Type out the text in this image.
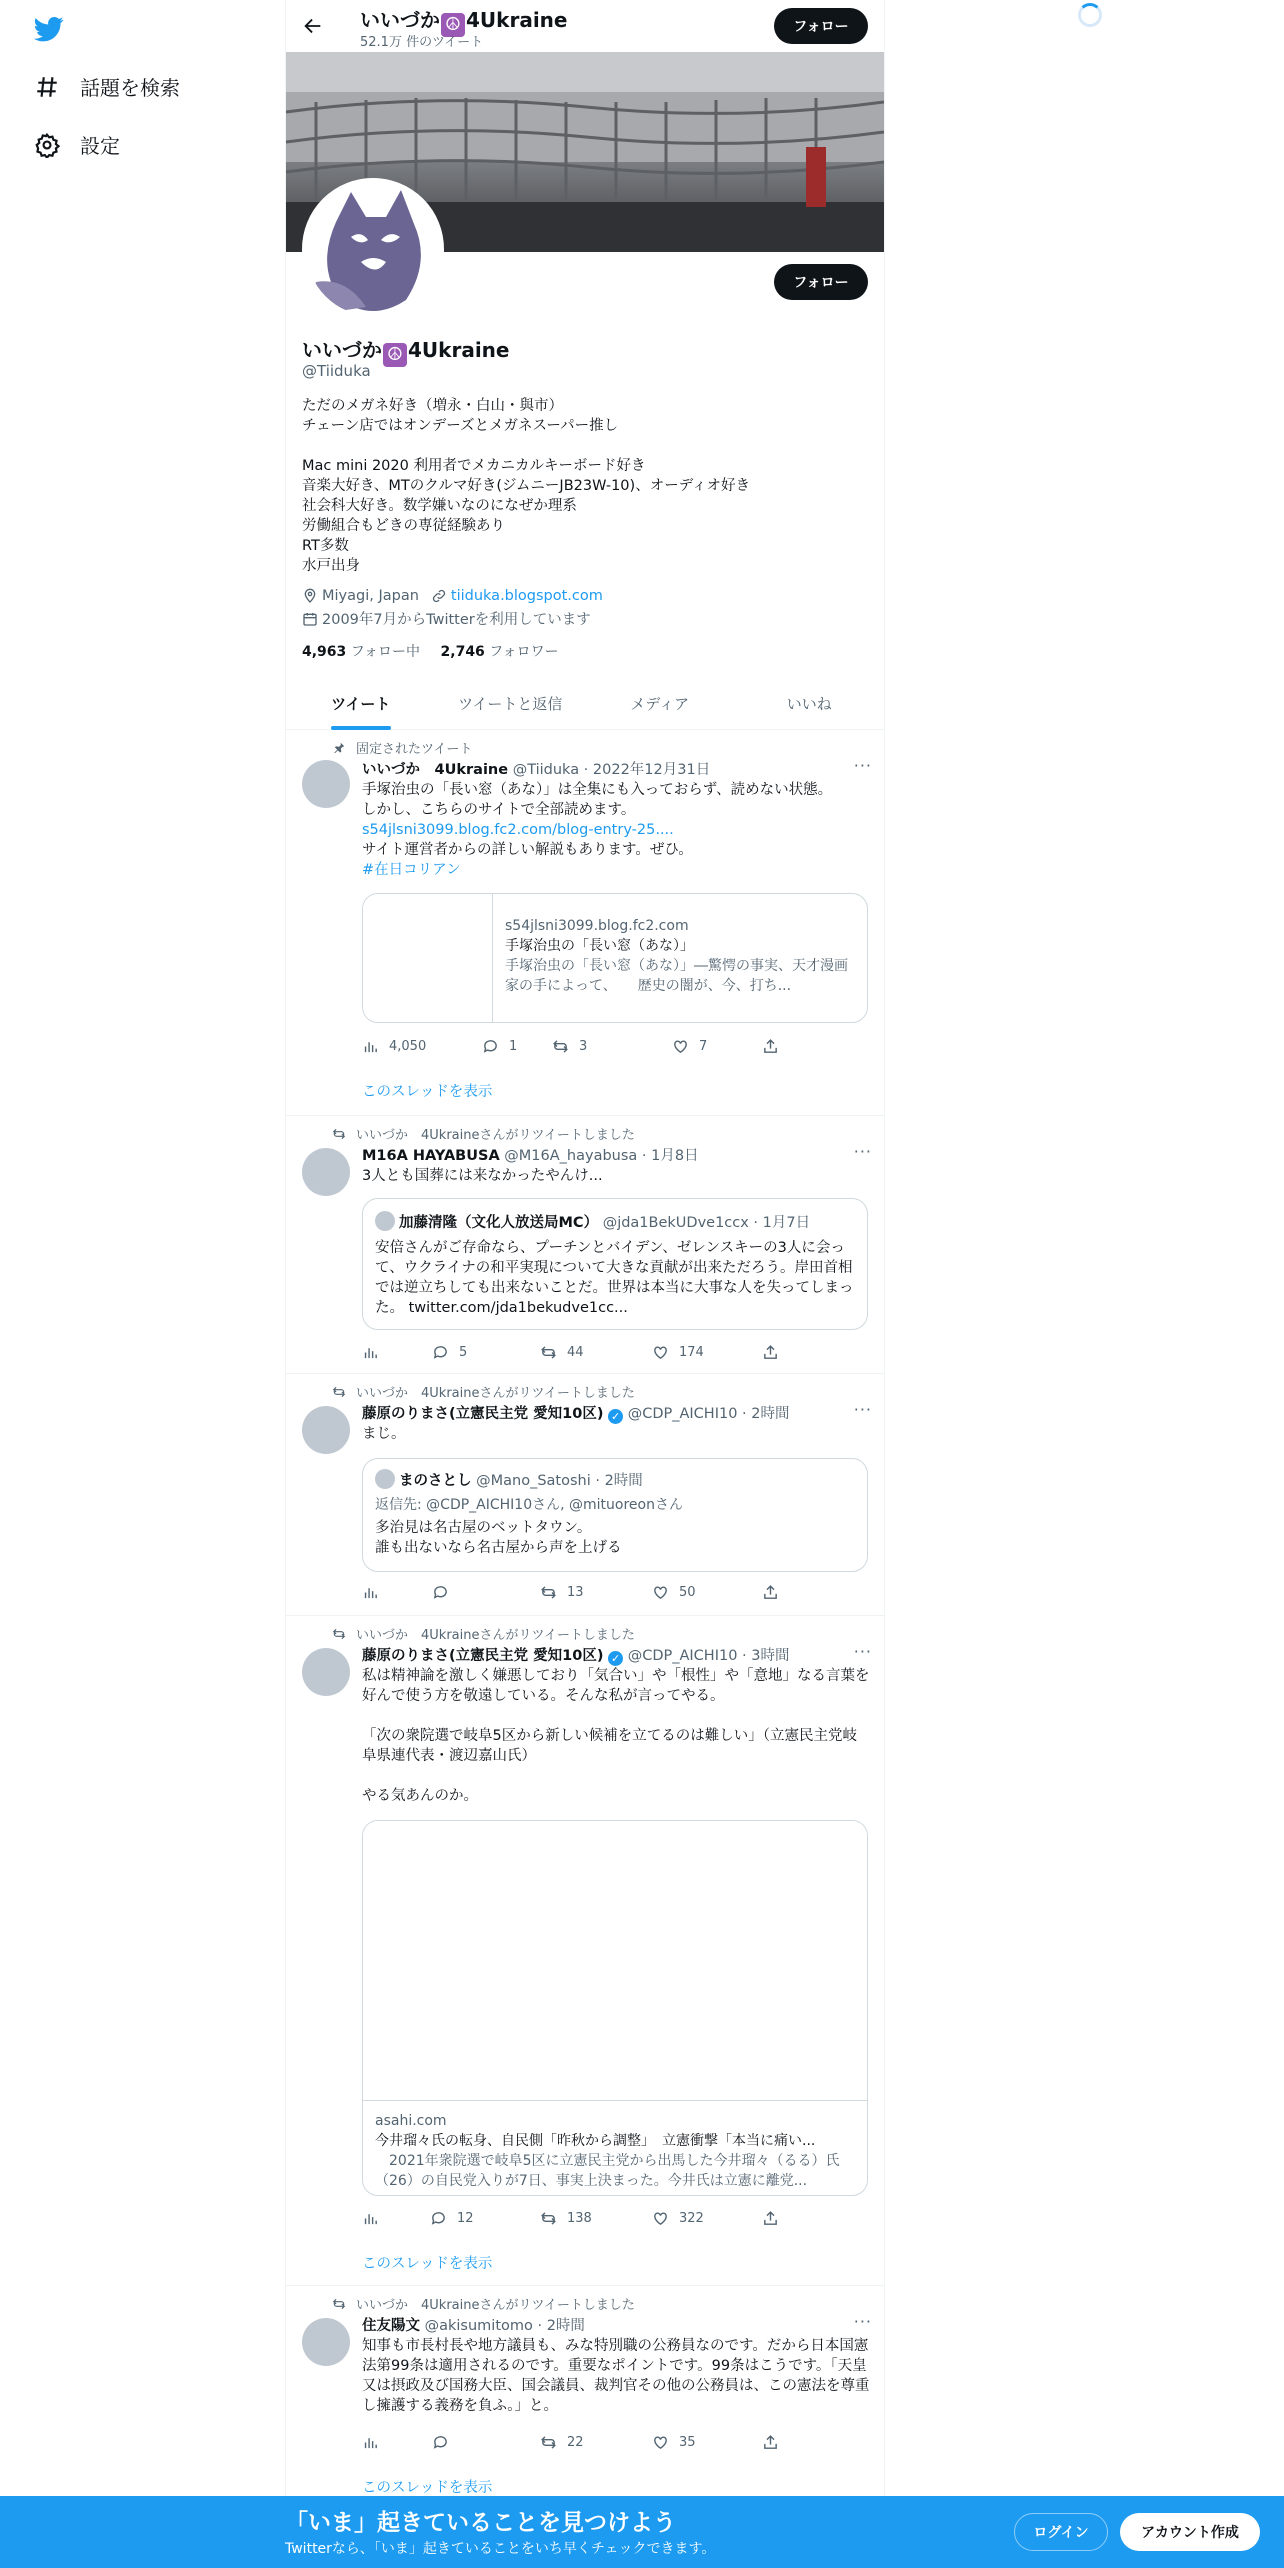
話題を検索
設定
いいづか ☮ 4Ukraine
52.1万 件のツイート
フォロー
フォロー
いいづか ☮ 4Ukraine
@Tiiduka
ただのメガネ好き（増永・白山・與市）
チェーン店ではオンデーズとメガネスーパー推し

Mac mini 2020 利用者でメカニカルキーボード好き
音楽大好き、MTのクルマ好き(ジムニーJB23W-10)、オーディオ好き
社会科大好き。数学嫌いなのになぜか理系
労働組合もどきの専従経験あり
RT多数
水戸出身
Miyagi, Japan tiiduka.blogspot.com
2009年7月からTwitterを利用しています
4,963 フォロー中 2,746 フォロワー
ツイート	ツイートと返信	メディア	いいね
固定されたツイート
いいづか　4Ukraine @Tiiduka · 2022年12月31日	···
手塚治虫の「長い窓（あな）」は全集にも入っておらず、読めない状態。
しかし、こちらのサイトで全部読めます。
s54jlsni3099.blog.fc2.com/blog-entry-25....
サイト運営者からの詳しい解説もあります。ぜひ。
#在日コリアン
s54jlsni3099.blog.fc2.com
手塚治虫の「長い窓（あな）」
手塚治虫の「長い窓（あな）」―驚愕の事実、天才漫画家の手によって、　　歴史の闇が、今、打ち...
4,050	1	3	7
このスレッドを表示
いいづか　4Ukraineさんがリツイートしました
M16A HAYABUSA @M16A_hayabusa · 1月8日	···
3人とも国葬には来なかったやんけ...
加藤清隆（文化人放送局MC） @jda1BekUDve1ccx · 1月7日
安倍さんがご存命なら、プーチンとバイデン、ゼレンスキーの3人に会って、ウクライナの和平実現について大きな貢献が出来ただろう。岸田首相では逆立ちしても出来ないことだ。世界は本当に大事な人を失ってしまった。 twitter.com/jda1bekudve1cc...
5	44	174
いいづか　4Ukraineさんがリツイートしました
藤原のりまさ(立憲民主党 愛知10区) ✓ @CDP_AICHI10 · 2時間	···
まじ。
まのさとし @Mano_Satoshi · 2時間
返信先: @CDP_AICHI10さん, @mituoreonさん
多治見は名古屋のベットタウン。
誰も出ないなら名古屋から声を上げる
13	50
いいづか　4Ukraineさんがリツイートしました
藤原のりまさ(立憲民主党 愛知10区) ✓ @CDP_AICHI10 · 3時間	···
私は精神論を激しく嫌悪しており「気合い」や「根性」や「意地」なる言葉を好んで使う方を敬遠している。そんな私が言ってやる。

「次の衆院選で岐阜5区から新しい候補を立てるのは難しい」（立憲民主党岐阜県連代表・渡辺嘉山氏）

やる気あんのか。
asahi.com
今井瑠々氏の転身、自民側「昨秋から調整」　立憲衝撃「本当に痛い...
　2021年衆院選で岐阜5区に立憲民主党から出馬した今井瑠々（るる）氏（26）の自民党入りが7日、事実上決まった。今井氏は立憲に離党...
12	138	322
このスレッドを表示
いいづか　4Ukraineさんがリツイートしました
住友陽文 @akisumitomo · 2時間	···
知事も市長村長や地方議員も、みな特別職の公務員なのです。だから日本国憲法第99条は適用されるのです。重要なポイントです。99条はこうです。「天皇又は摂政及び国務大臣、国会議員、裁判官その他の公務員は、この憲法を尊重し擁護する義務を負ふ。」と。
22	35
このスレッドを表示
「いま」起きていることを見つけよう
Twitterなら、「いま」起きていることをいち早くチェックできます。
ログイン	アカウント作成
